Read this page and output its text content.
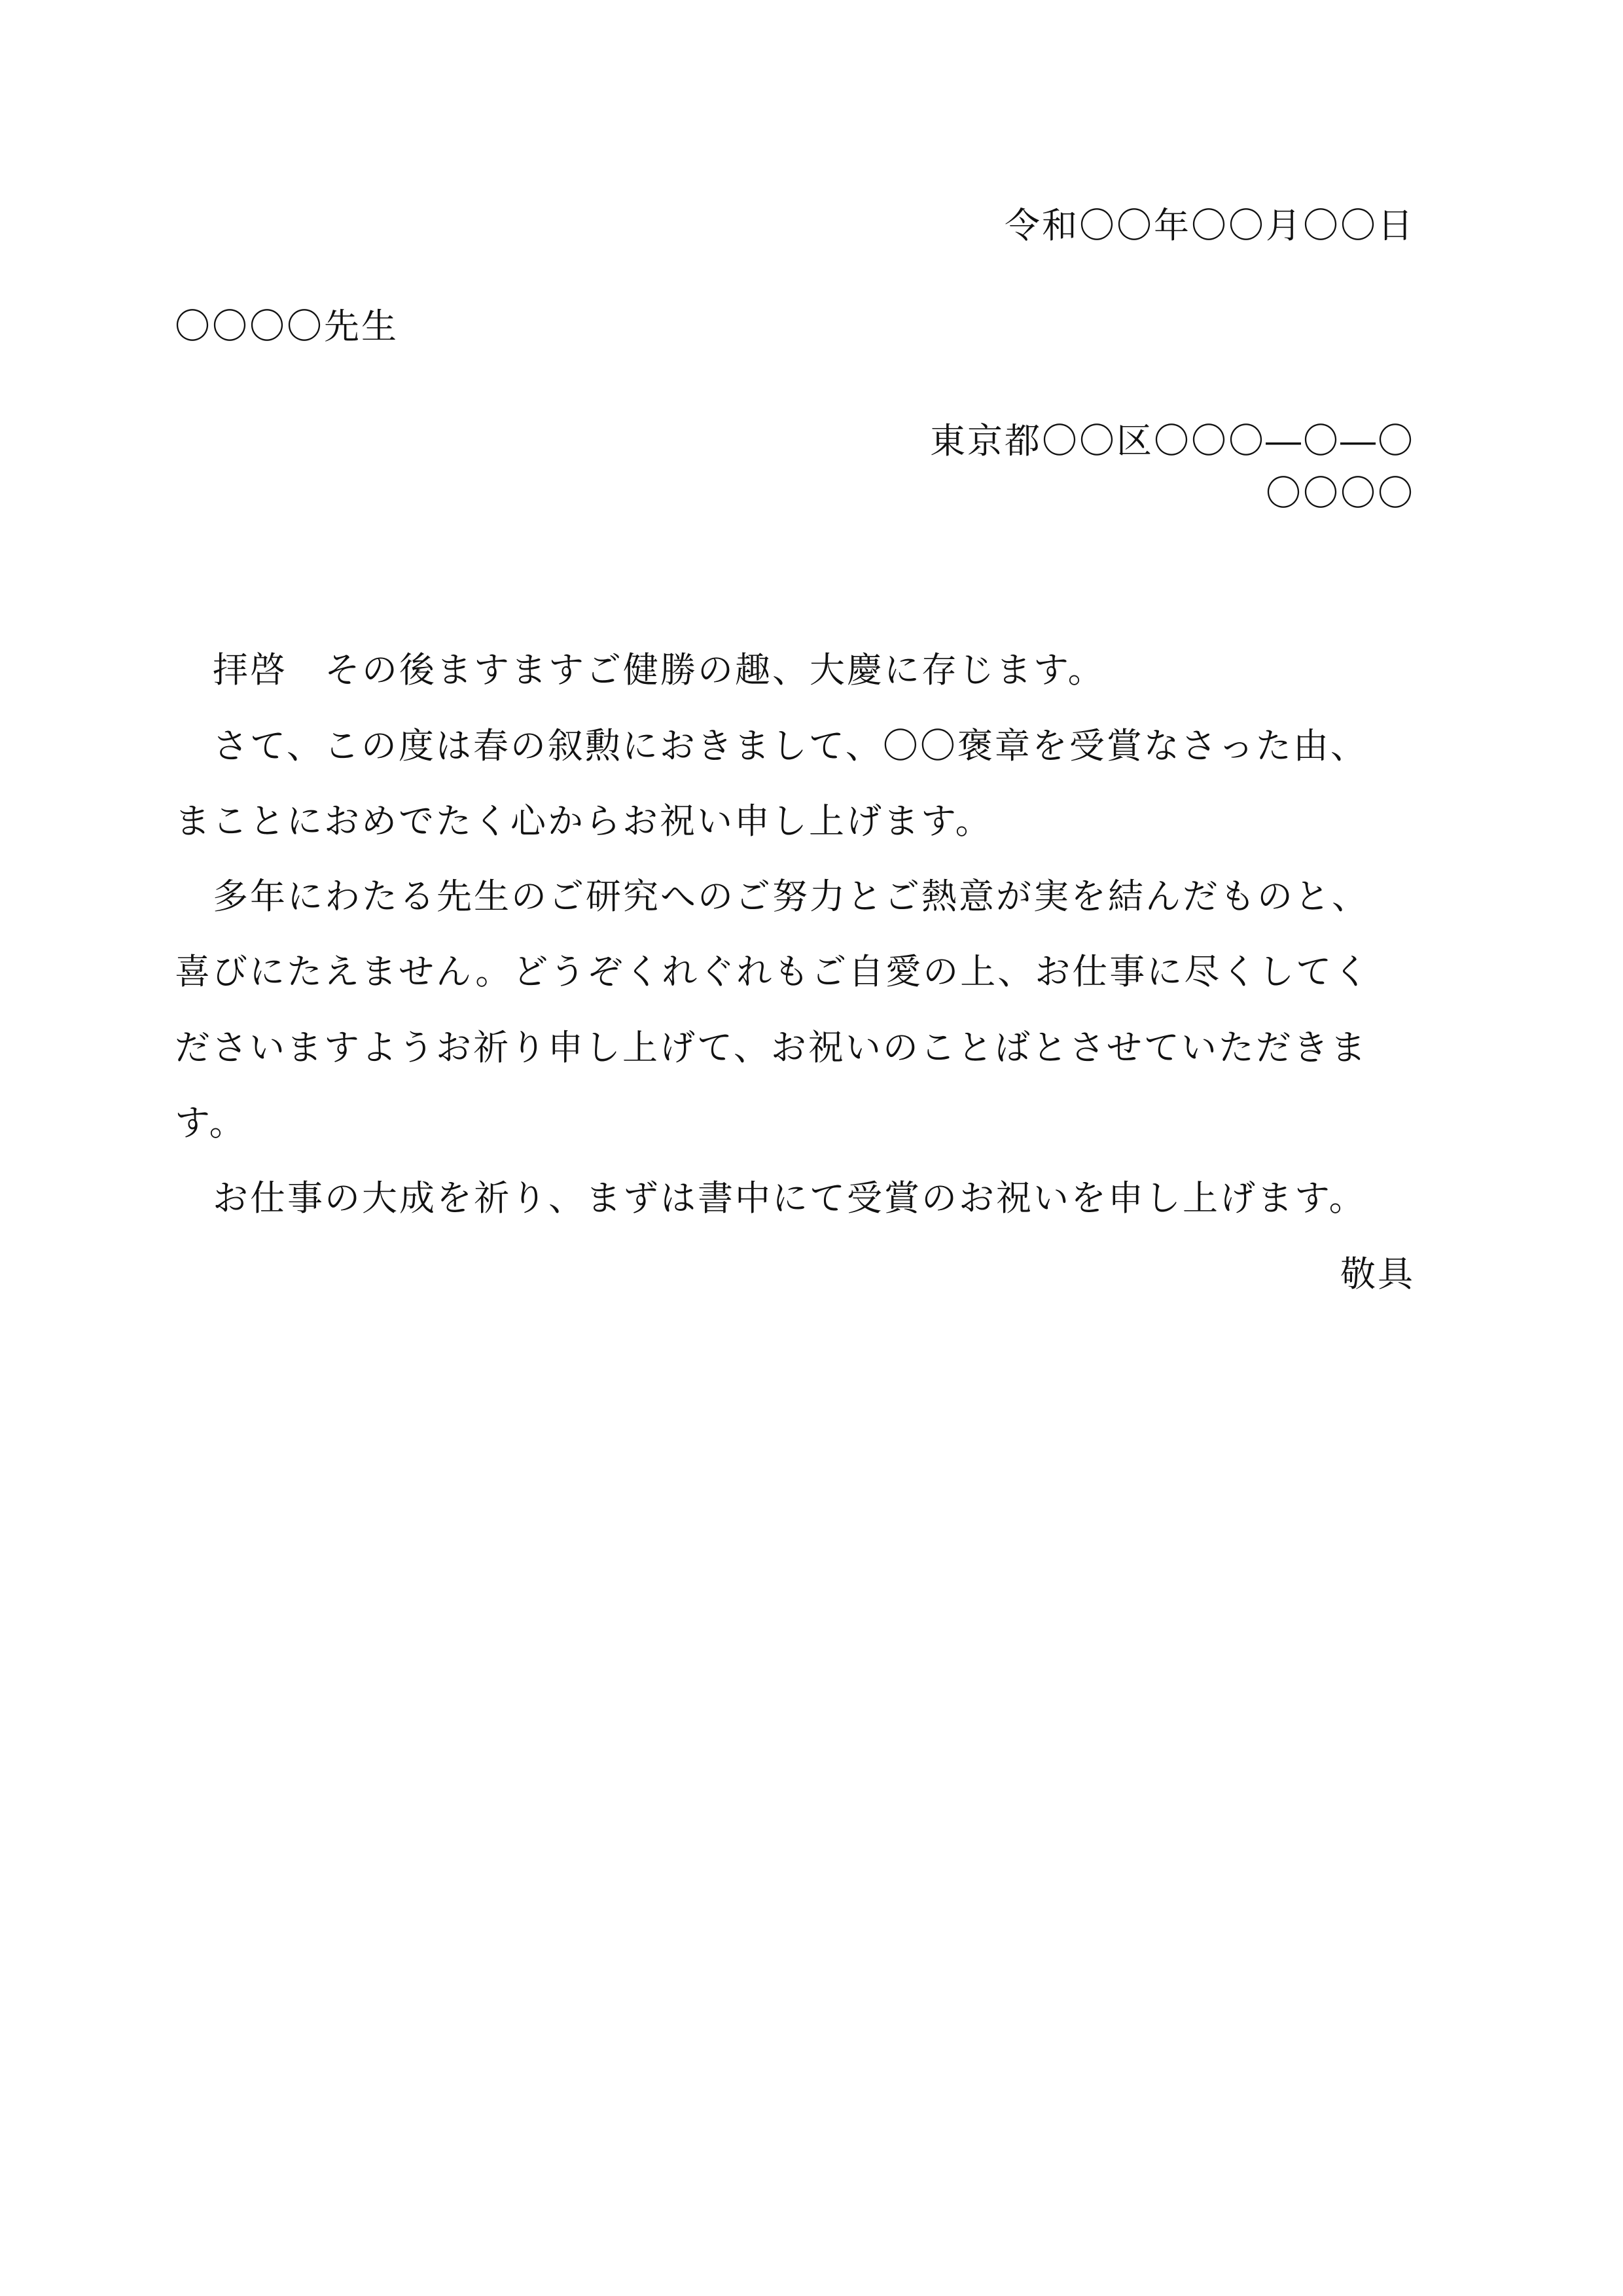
令和〇〇年〇〇月〇〇日
〇〇〇〇先生
東京都〇〇区〇〇〇―〇―〇
〇〇〇〇
拝啓　その後ますますご健勝の趣、大慶に存じます。
さて、この度は春の叙勲におきまして、〇〇褒章を受賞なさった由、
まことにおめでたく心からお祝い申し上げます。
多年にわたる先生のご研究へのご努力とご熱意が実を結んだものと、
喜びにたえません。どうぞくれぐれもご自愛の上、お仕事に尽くしてく
ださいますようお祈り申し上げて、お祝いのことばとさせていただきま
す。
お仕事の大成を祈り、まずは書中にて受賞のお祝いを申し上げます。
敬具
